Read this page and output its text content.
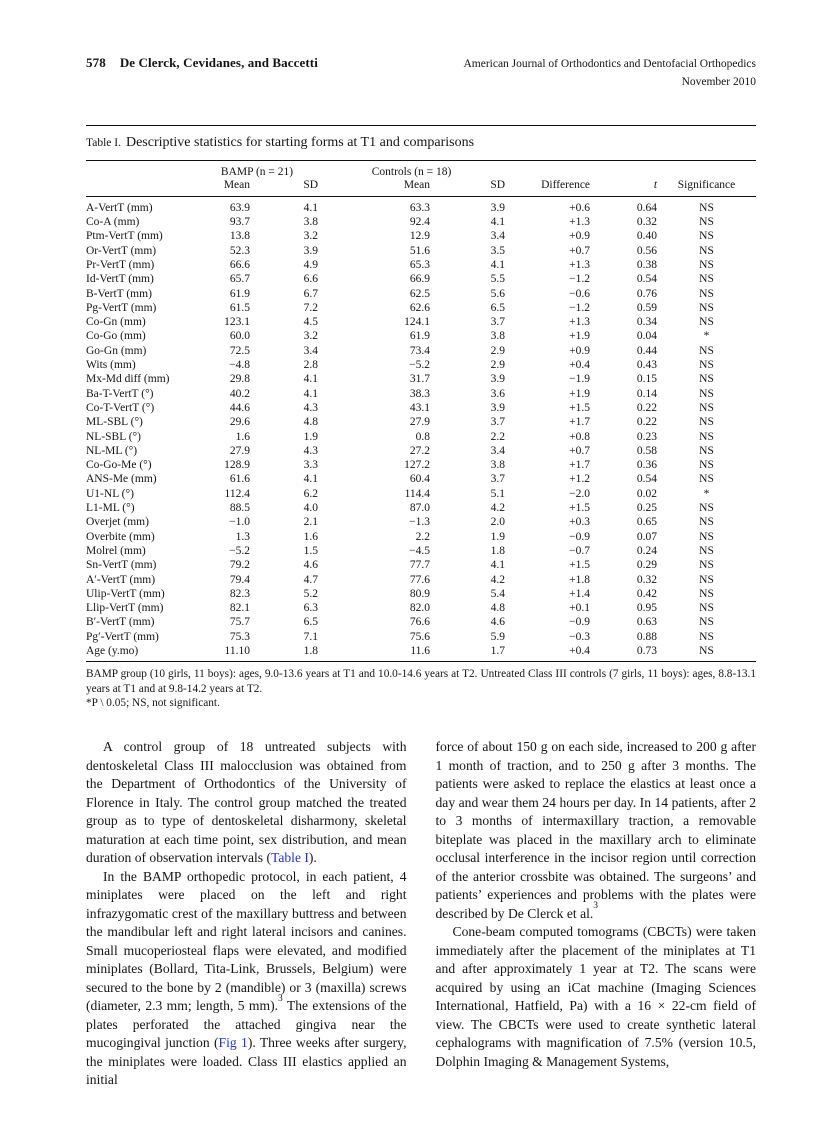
578 De Clerck, Cevidanes, and Baccetti	American Journal of Orthodontics and Dentofacial Orthopedics
November 2010
Table I. Descriptive statistics for starting forms at T1 and comparisons
	BAMP (n = 21)		Controls (n = 18)				
	Mean	SD	Mean	SD	Difference	t	Significance
A-VertT (mm)	63.9	4.1	63.3	3.9	+0.6	0.64	NS
Co-A (mm)	93.7	3.8	92.4	4.1	+1.3	0.32	NS
Ptm-VertT (mm)	13.8	3.2	12.9	3.4	+0.9	0.40	NS
Or-VertT (mm)	52.3	3.9	51.6	3.5	+0.7	0.56	NS
Pr-VertT (mm)	66.6	4.9	65.3	4.1	+1.3	0.38	NS
Id-VertT (mm)	65.7	6.6	66.9	5.5	−1.2	0.54	NS
B-VertT (mm)	61.9	6.7	62.5	5.6	−0.6	0.76	NS
Pg-VertT (mm)	61.5	7.2	62.6	6.5	−1.2	0.59	NS
Co-Gn (mm)	123.1	4.5	124.1	3.7	+1.3	0.34	NS
Co-Go (mm)	60.0	3.2	61.9	3.8	+1.9	0.04	*
Go-Gn (mm)	72.5	3.4	73.4	2.9	+0.9	0.44	NS
Wits (mm)	−4.8	2.8	−5.2	2.9	+0.4	0.43	NS
Mx-Md diff (mm)	29.8	4.1	31.7	3.9	−1.9	0.15	NS
Ba-T-VertT (°)	40.2	4.1	38.3	3.6	+1.9	0.14	NS
Co-T-VertT (°)	44.6	4.3	43.1	3.9	+1.5	0.22	NS
ML-SBL (°)	29.6	4.8	27.9	3.7	+1.7	0.22	NS
NL-SBL (°)	1.6	1.9	0.8	2.2	+0.8	0.23	NS
NL-ML (°)	27.9	4.3	27.2	3.4	+0.7	0.58	NS
Co-Go-Me (°)	128.9	3.3	127.2	3.8	+1.7	0.36	NS
ANS-Me (mm)	61.6	4.1	60.4	3.7	+1.2	0.54	NS
U1-NL (°)	112.4	6.2	114.4	5.1	−2.0	0.02	*
L1-ML (°)	88.5	4.0	87.0	4.2	+1.5	0.25	NS
Overjet (mm)	−1.0	2.1	−1.3	2.0	+0.3	0.65	NS
Overbite (mm)	1.3	1.6	2.2	1.9	−0.9	0.07	NS
Molrel (mm)	−5.2	1.5	−4.5	1.8	−0.7	0.24	NS
Sn-VertT (mm)	79.2	4.6	77.7	4.1	+1.5	0.29	NS
A′-VertT (mm)	79.4	4.7	77.6	4.2	+1.8	0.32	NS
Ulip-VertT (mm)	82.3	5.2	80.9	5.4	+1.4	0.42	NS
Llip-VertT (mm)	82.1	6.3	82.0	4.8	+0.1	0.95	NS
B′-VertT (mm)	75.7	6.5	76.6	4.6	−0.9	0.63	NS
Pg′-VertT (mm)	75.3	7.1	75.6	5.9	−0.3	0.88	NS
Age (y.mo)	11.10	1.8	11.6	1.7	+0.4	0.73	NS

BAMP group (10 girls, 11 boys): ages, 9.0-13.6 years at T1 and 10.0-14.6 years at T2. Untreated Class III controls (7 girls, 11 boys): ages, 8.8-13.1 years at T1 and at 9.8-14.2 years at T2.

*P \ 0.05; NS, not significant.

A control group of 18 untreated subjects with dentoskeletal Class III malocclusion was obtained from the Department of Orthodontics of the University of Florence in Italy. The control group matched the treated group as to type of dentoskeletal disharmony, skeletal maturation at each time point, sex distribution, and mean duration of observation intervals (Table I).

In the BAMP orthopedic protocol, in each patient, 4 miniplates were placed on the left and right infrazygomatic crest of the maxillary buttress and between the mandibular left and right lateral incisors and canines. Small mucoperiosteal flaps were elevated, and modified miniplates (Bollard, Tita-Link, Brussels, Belgium) were secured to the bone by 2 (mandible) or 3 (maxilla) screws (diameter, 2.3 mm; length, 5 mm).$^3$ The extensions of the plates perforated the attached gingiva near the mucogingival junction (Fig 1). Three weeks after surgery, the miniplates were loaded. Class III elastics applied an initial

force of about 150 g on each side, increased to 200 g after 1 month of traction, and to 250 g after 3 months. The patients were asked to replace the elastics at least once a day and wear them 24 hours per day. In 14 patients, after 2 to 3 months of intermaxillary traction, a removable biteplate was placed in the maxillary arch to eliminate occlusal interference in the incisor region until correction of the anterior crossbite was obtained. The surgeons’ and patients’ experiences and problems with the plates were described by De Clerck et al.$^3$

Cone-beam computed tomograms (CBCTs) were taken immediately after the placement of the miniplates at T1 and after approximately 1 year at T2. The scans were acquired by using an iCat machine (Imaging Sciences International, Hatfield, Pa) with a 16 × 22-cm field of view. The CBCTs were used to create synthetic lateral cephalograms with magnification of 7.5% (version 10.5, Dolphin Imaging & Management Systems,
